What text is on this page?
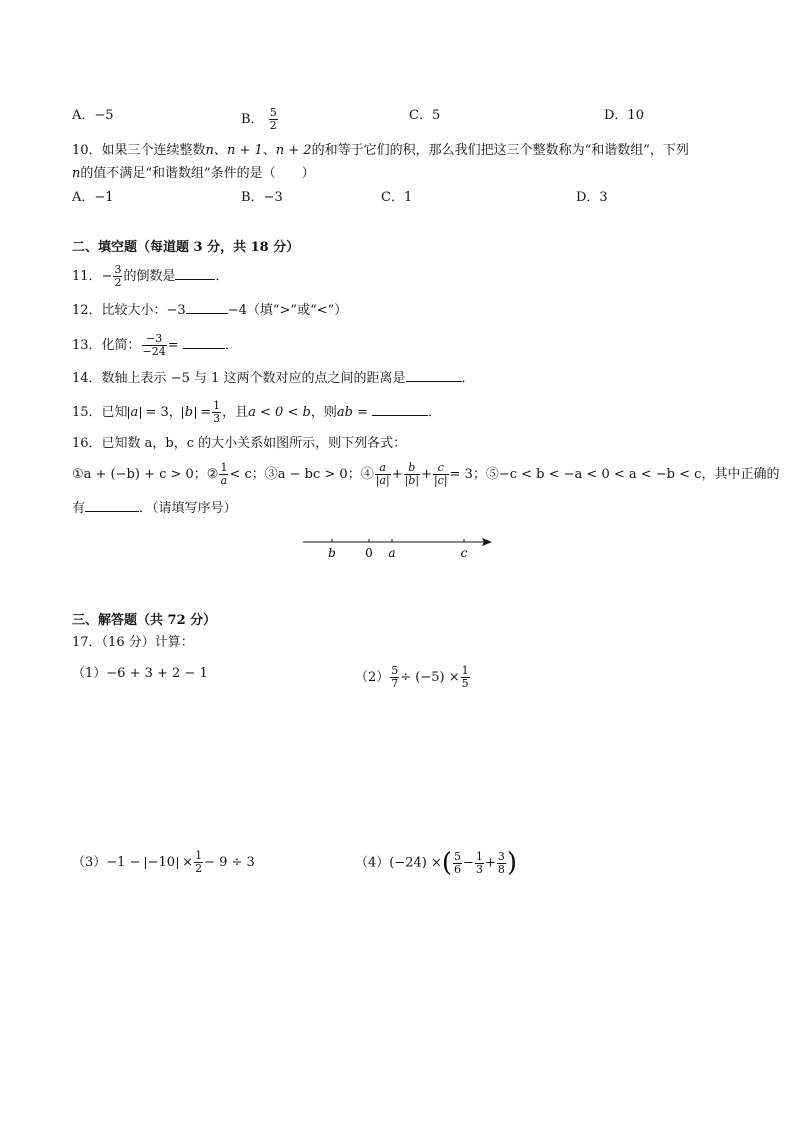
A．−5	B． $\frac{5}{2}$	C．5	D．10
10．如果三个连续整数n、n + 1、n + 2的和等于它们的积，那么我们把这三个整数称为“和谐数组”，下列
n的值不满足“和谐数组”条件的是（　　）
A．−1	B．−3	C．1	D．3
二、填空题（每道题 3 分，共 18 分）
11．− $\frac{3}{2}$ 的倒数是	．
12．比较大小：−3	−4（填“>”或“<”）
13．化简： $\frac{-3}{-24}$ =	．
14．数轴上表示 −5 与 1 这两个数对应的点之间的距离是	．
15．已知 a = 3， $b = \frac{1}{3}$ ，且a < 0 < b，则ab =	．
16．已知数 a，b，c 的大小关系如图所示，则下列各式：
①a + (−b) + c > 0；② $\frac{1}{a} < c$；③a − bc > 0；④ $\frac{a}{|a|} + \frac{b}{|b|} + \frac{c}{|c|} = 3$；⑤−c < b < −a < 0 < a < −b < c，其中正确的
有	．（请填写序号）
b 0 a	c
三、解答题（共 72 分）
17．（16 分）计算：
（1）−6 + 3 + 2 − 1	$(2) \frac{5}{7} \div (-5) \times \frac{1}{5}$
$(3)-1 - -10 \times \frac{1}{2} - 9 \div 3$	（4）(−24) ×( $\frac{5}{6} - \frac{1}{3} + \frac{3}{8}$ )
